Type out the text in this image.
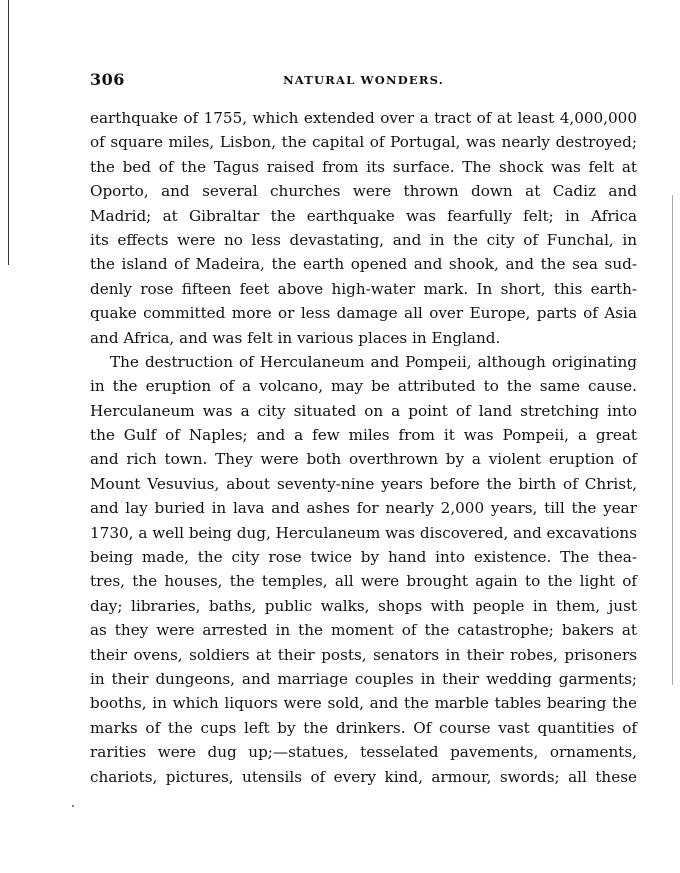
306	NATURAL WONDERS.
earthquake of 1755, which extended over a tract of at least 4,000,000
of square miles, Lisbon, the capital of Portugal, was nearly destroyed;
the bed of the Tagus raised from its surface. The shock was felt at
Oporto, and several churches were thrown down at Cadiz and
Madrid; at Gibraltar the earthquake was fearfully felt; in Africa
its effects were no less devastating, and in the city of Funchal, in
the island of Madeira, the earth opened and shook, and the sea sud-
denly rose fifteen feet above high-water mark. In short, this earth-
quake committed more or less damage all over Europe, parts of Asia
and Africa, and was felt in various places in England.
The destruction of Herculaneum and Pompeii, although originating
in the eruption of a volcano, may be attributed to the same cause.
Herculaneum was a city situated on a point of land stretching into
the Gulf of Naples; and a few miles from it was Pompeii, a great
and rich town. They were both overthrown by a violent eruption of
Mount Vesuvius, about seventy-nine years before the birth of Christ,
and lay buried in lava and ashes for nearly 2,000 years, till the year
1730, a well being dug, Herculaneum was discovered, and excavations
being made, the city rose twice by hand into existence. The thea-
tres, the houses, the temples, all were brought again to the light of
day; libraries, baths, public walks, shops with people in them, just
as they were arrested in the moment of the catastrophe; bakers at
their ovens, soldiers at their posts, senators in their robes, prisoners
in their dungeons, and marriage couples in their wedding garments;
booths, in which liquors were sold, and the marble tables bearing the
marks of the cups left by the drinkers. Of course vast quantities of
rarities were dug up;—statues, tesselated pavements, ornaments,
chariots, pictures, utensils of every kind, armour, swords; all these
